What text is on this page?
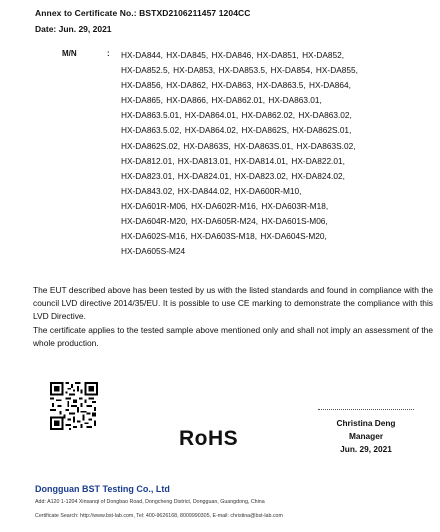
Annex to Certificate No.: BSTXD2106211457 1204CC
Date: Jun. 29, 2021
M/N	: HX-DA844, HX-DA845, HX-DA846, HX-DA851, HX-DA852,
HX-DA852.5, HX-DA853, HX-DA853.5, HX-DA854, HX-DA855,
HX-DA856, HX-DA862, HX-DA863, HX-DA863.5, HX-DA864,
HX-DA865, HX-DA866, HX-DA862.01, HX-DA863.01,
HX-DA863.5.01, HX-DA864.01, HX-DA862.02, HX-DA863.02,
HX-DA863.5.02, HX-DA864.02, HX-DA862S, HX-DA862S.01,
HX-DA862S.02, HX-DA863S, HX-DA863S.01, HX-DA863S.02,
HX-DA812.01, HX-DA813.01, HX-DA814.01, HX-DA822.01,
HX-DA823.01, HX-DA824.01, HX-DA823.02, HX-DA824.02,
HX-DA843.02, HX-DA844.02, HX-DA600R-M10,
HX-DA601R-M06, HX-DA602R-M16, HX-DA603R-M18,
HX-DA604R-M20, HX-DA605R-M24, HX-DA601S-M06,
HX-DA602S-M16, HX-DA603S-M18, HX-DA604S-M20,
HX-DA605S-M24
The EUT described above has been tested by us with the listed standards and found in compliance with the council LVD directive 2014/35/EU. It is possible to use CE marking to demonstrate the compliance with this LVD Directive.
The certificate applies to the tested sample above mentioned only and shall not imply an assessment of the whole production.
RoHS
Christina Deng
Manager
Jun. 29, 2021
Dongguan BST Testing Co., Ltd
Add: A120 1-1204 Xinsanqi of Dongbao Road, Dongcheng District, Dongguan, Guangdong, China
Certificate Search: http://www.bst-lab.com, Tel: 400-9626168, 8009990305, E-mail: christina@bst-lab.com
